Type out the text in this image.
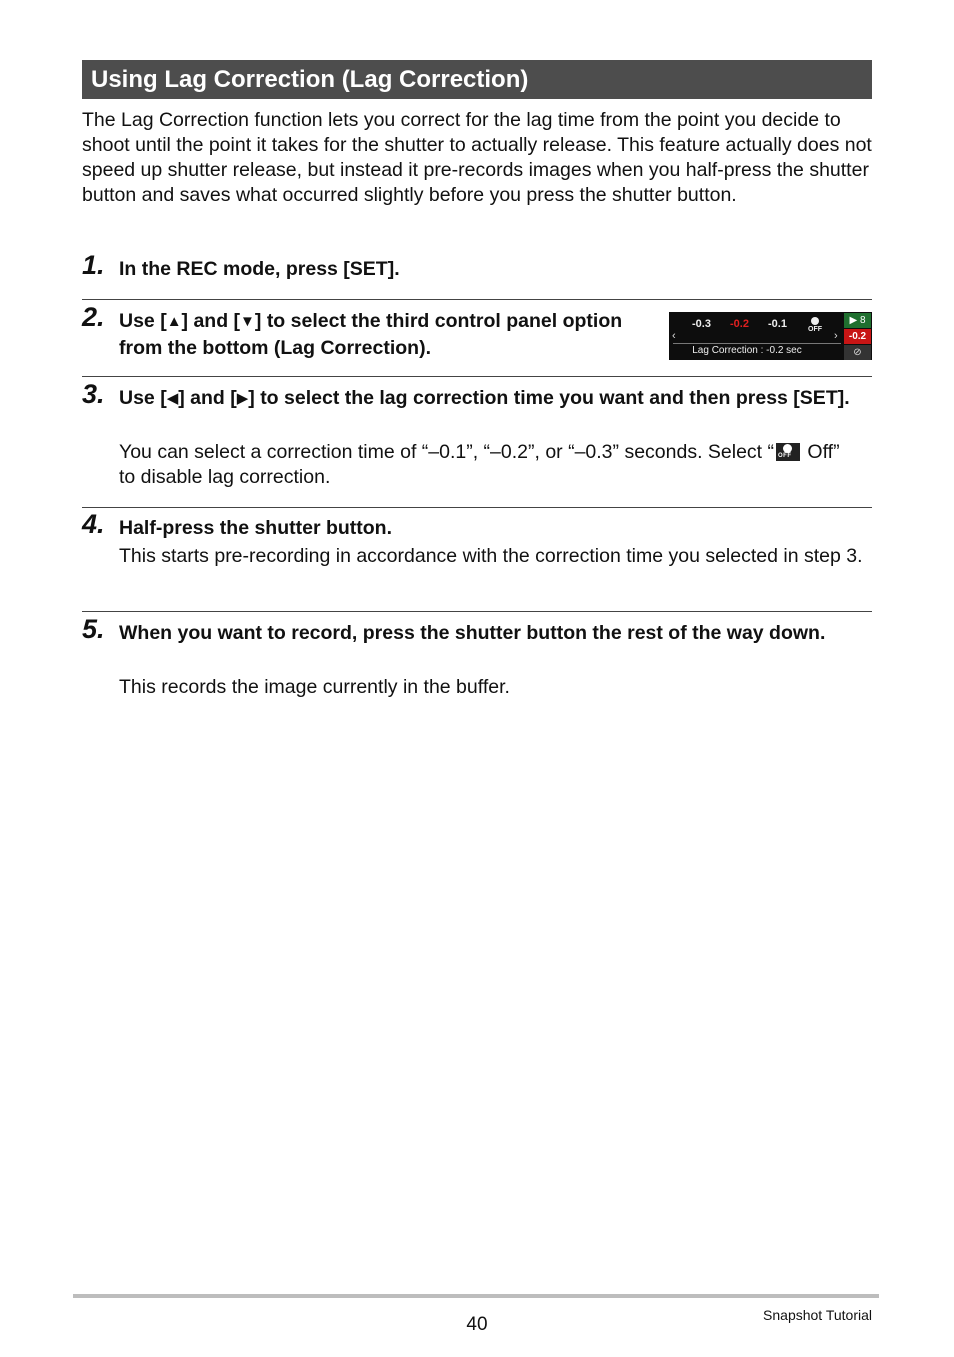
Using Lag Correction (Lag Correction)
The Lag Correction function lets you correct for the lag time from the point you decide to shoot until the point it takes for the shutter to actually release. This feature actually does not speed up shutter release, but instead it pre-records images when you half-press the shutter button and saves what occurred slightly before you press the shutter button.
1. In the REC mode, press [SET].
2. Use [▲] and [▼] to select the third control panel option from the bottom (Lag Correction).
-0.3 -0.2 -0.1	OFF
‹	›
Lag Correction : -0.2 sec
▶ 8
-0.2
⊘
3. Use [◀] and [▶] to select the lag correction time you want and then press [SET].
You can select a correction time of “–0.1”, “–0.2”, or “–0.3” seconds. Select “ OFF Off” to disable lag correction.
4. Half-press the shutter button.
This starts pre-recording in accordance with the correction time you selected in step 3.
5. When you want to record, press the shutter button the rest of the way down.
This records the image currently in the buffer.
40	Snapshot Tutorial
